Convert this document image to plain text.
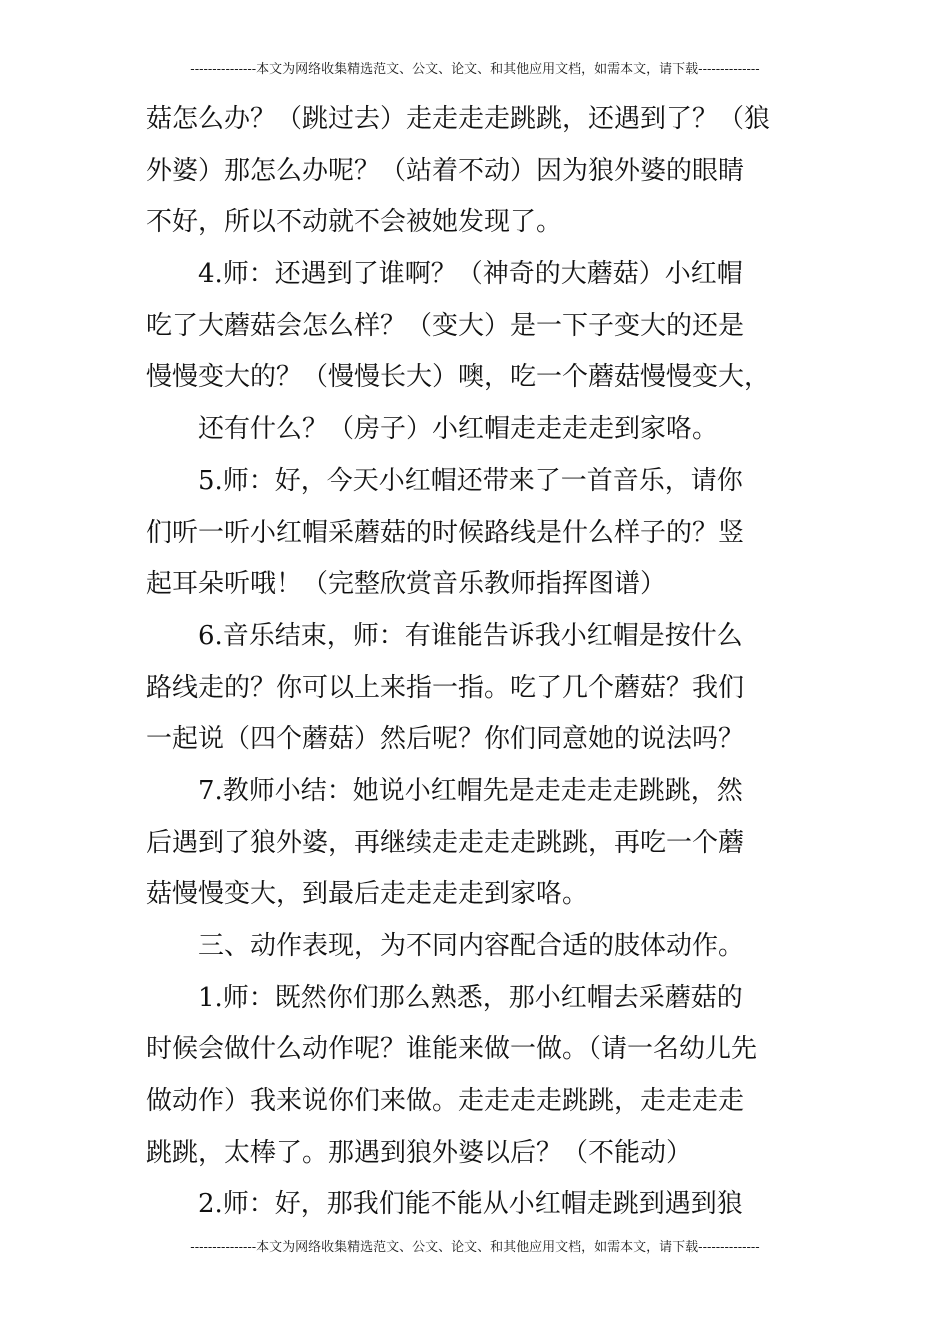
---------------本文为网络收集精选范文、公文、论文、和其他应用文档，如需本文，请下载--------------
菇怎么办？（跳过去）走走走走跳跳，还遇到了？（狼
外婆）那怎么办呢？（站着不动）因为狼外婆的眼睛
不好，所以不动就不会被她发现了。
4.师：还遇到了谁啊？（神奇的大蘑菇）小红帽
吃了大蘑菇会怎么样？（变大）是一下子变大的还是
慢慢变大的？（慢慢长大）噢，吃一个蘑菇慢慢变大，
还有什么？（房子）小红帽走走走走到家咯。
5.师：好，今天小红帽还带来了一首音乐，请你
们听一听小红帽采蘑菇的时候路线是什么样子的？竖
起耳朵听哦！（完整欣赏音乐教师指挥图谱）
6.音乐结束，师：有谁能告诉我小红帽是按什么
路线走的？你可以上来指一指。吃了几个蘑菇？我们
一起说（四个蘑菇）然后呢？你们同意她的说法吗？
7.教师小结：她说小红帽先是走走走走跳跳，然
后遇到了狼外婆，再继续走走走走跳跳，再吃一个蘑
菇慢慢变大，到最后走走走走到家咯。
三、动作表现，为不同内容配合适的肢体动作。
1.师：既然你们那么熟悉，那小红帽去采蘑菇的
时候会做什么动作呢？谁能来做一做。（请一名幼儿先
做动作）我来说你们来做。走走走走跳跳，走走走走
跳跳，太棒了。那遇到狼外婆以后？（不能动）
2.师：好，那我们能不能从小红帽走跳到遇到狼
---------------本文为网络收集精选范文、公文、论文、和其他应用文档，如需本文，请下载--------------
